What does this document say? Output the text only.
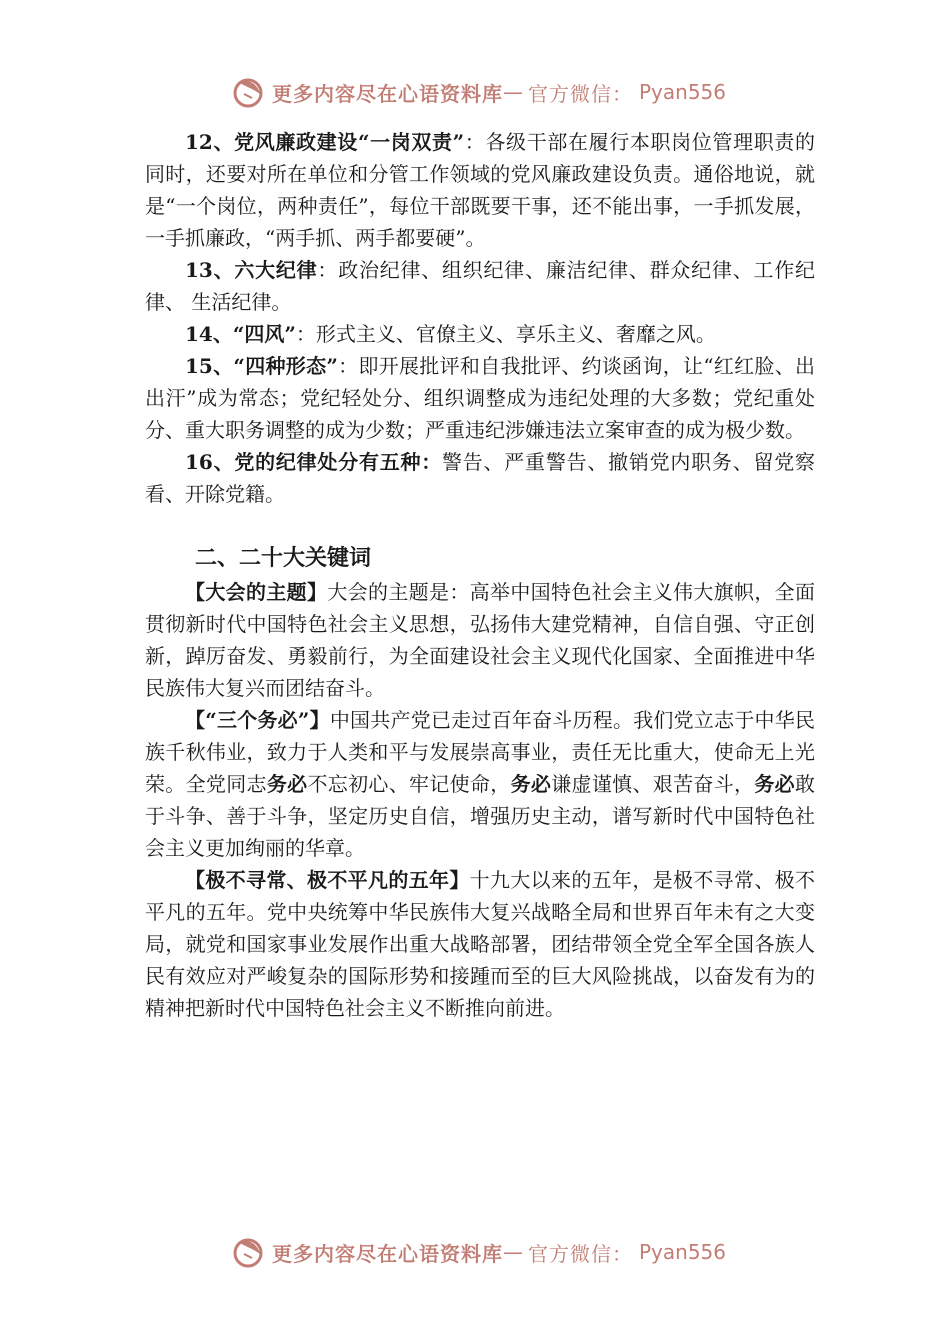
更多内容尽在心语资料库 — 官方微信： Pyan556

12、党风廉政建设“一岗双责”：各级干部在履行本职岗位管理职责的同时，还要对所在单位和分管工作领域的党风廉政建设负责。通俗地说，就是“一个岗位，两种责任”，每位干部既要干事，还不能出事，一手抓发展，一手抓廉政，“两手抓、两手都要硬”。

13、六大纪律：政治纪律、组织纪律、廉洁纪律、群众纪律、工作纪律、 生活纪律。

14、“四风”：形式主义、官僚主义、享乐主义、奢靡之风。

15、“四种形态”：即开展批评和自我批评、约谈函询，让“红红脸、出出汗”成为常态；党纪轻处分、组织调整成为违纪处理的大多数；党纪重处分、重大职务调整的成为少数；严重违纪涉嫌违法立案审查的成为极少数。

16、党的纪律处分有五种：警告、严重警告、撤销党内职务、留党察看、开除党籍。

二、二十大关键词

【大会的主题】大会的主题是：高举中国特色社会主义伟大旗帜，全面贯彻新时代中国特色社会主义思想，弘扬伟大建党精神，自信自强、守正创新，踔厉奋发、勇毅前行，为全面建设社会主义现代化国家、全面推进中华民族伟大复兴而团结奋斗。

【“三个务必”】中国共产党已走过百年奋斗历程。我们党立志于中华民族千秋伟业，致力于人类和平与发展崇高事业，责任无比重大，使命无上光荣。全党同志务必不忘初心、牢记使命，务必谦虚谨慎、艰苦奋斗，务必敢于斗争、善于斗争，坚定历史自信，增强历史主动，谱写新时代中国特色社会主义更加绚丽的华章。

【极不寻常、极不平凡的五年】十九大以来的五年，是极不寻常、极不平凡的五年。党中央统筹中华民族伟大复兴战略全局和世界百年未有之大变局，就党和国家事业发展作出重大战略部署，团结带领全党全军全国各族人民有效应对严峻复杂的国际形势和接踵而至的巨大风险挑战，以奋发有为的精神把新时代中国特色社会主义不断推向前进。

更多内容尽在心语资料库 — 官方微信： Pyan556
